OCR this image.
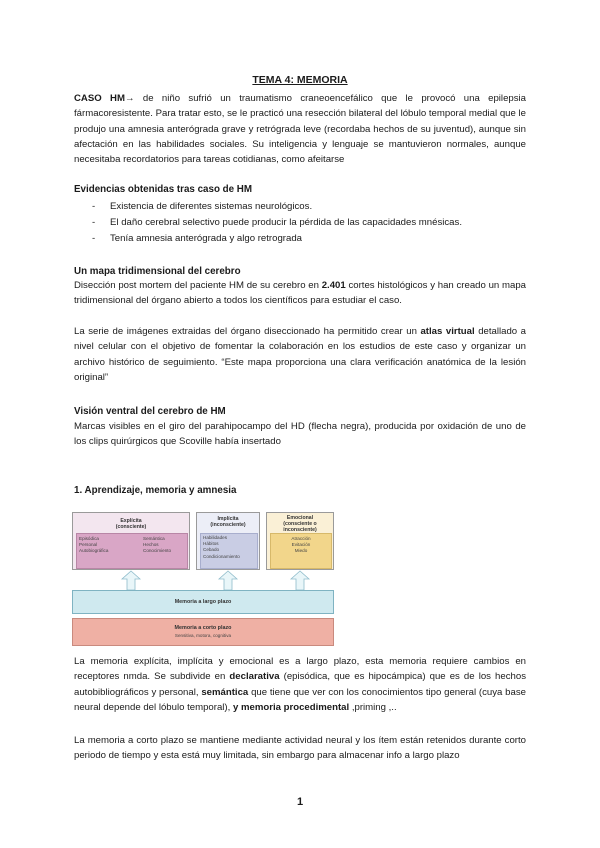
TEMA 4: MEMORIA

CASO HM→ de niño sufrió un traumatismo craneoencefálico que le provocó una epilepsia fármacoresistente. Para tratar esto, se le practicó una resección bilateral del lóbulo temporal medial que le produjo una amnesia anterógrada grave y retrógrada leve (recordaba hechos de su juventud), aunque sin afectación en las habilidades sociales. Su inteligencia y lenguaje se mantuvieron normales, aunque necesitaba recordatorios para tareas cotidianas, como afeitarse

Evidencias obtenidas tras caso de HM

- Existencia de diferentes sistemas neurológicos.
- El daño cerebral selectivo puede producir la pérdida de las capacidades mnésicas.
- Tenía amnesia anterógrada y algo retrograda

Un mapa tridimensional del cerebro

Disección post mortem del paciente HM de su cerebro en 2.401 cortes histológicos y han creado un mapa tridimensional del órgano abierto a todos los científicos para estudiar el caso.

La serie de imágenes extraidas del órgano diseccionado ha permitido crear un atlas virtual detallado a nivel celular con el objetivo de fomentar la colaboración en los estudios de este caso y organizar un archivo histórico de seguimiento. “Este mapa proporciona una clara verificación anatómica de la lesión original”

Visión ventral del cerebro de HM

Marcas visibles en el giro del parahipocampo del HD (flecha negra), producida por oxidación de uno de los clips quirúrgicos que Scoville había insertado

1. Aprendizaje, memoria y amnesia

Explícita
(consciente)
Episódica
Personal
Autobiográfica
Semántica
Hechos
Conocimiento
Implícita
(inconsciente)
Habilidades
Hábitos
Cebado
Condicionamiento
Emocional
(consciente o
inconsciente)
Atracción
Evitación
Miedo
Memoria a largo plazo
Memoria a corto plazo
Sensitiva, motora, cognitiva

La memoria explícita, implícita y emocional es a largo plazo, esta memoria requiere cambios en receptores nmda. Se subdivide en declarativa (episódica, que es hipocámpica) que es de los hechos autobibliográficos y personal, semántica que tiene que ver con los conocimientos tipo general (cuya base neural depende del lóbulo temporal), y memoria procedimental ,priming ,..

La memoria a corto plazo se mantiene mediante actividad neural y los ítem están retenidos durante corto periodo de tiempo y esta está muy limitada, sin embargo para almacenar info a largo plazo

1
